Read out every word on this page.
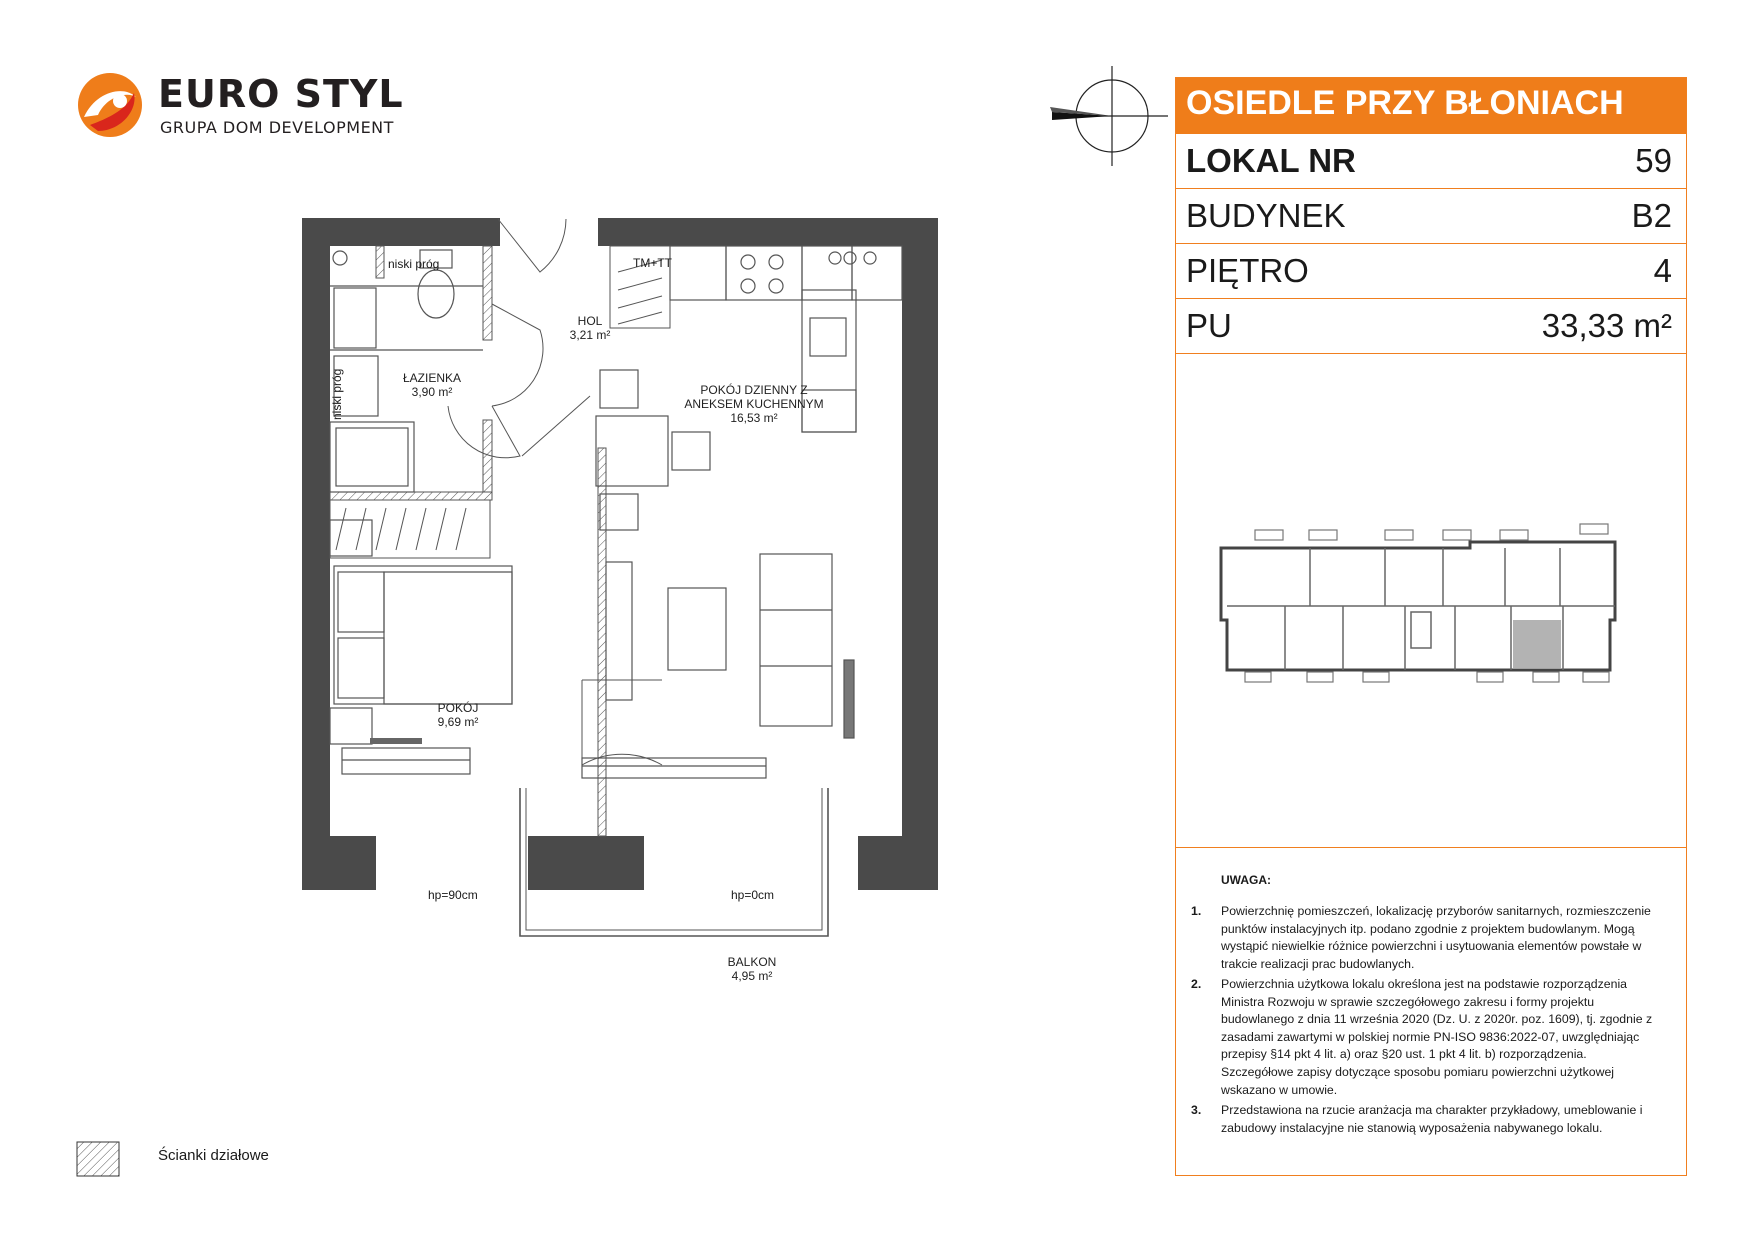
EURO STYL
GRUPA DOM DEVELOPMENT
OSIEDLE PRZY BŁONIACH
LOKAL NR	59
BUDYNEK	B2
PIĘTRO	4
PU	33,33 m²
UWAGA:
1. Powierzchnię pomieszczeń, lokalizację przyborów sanitarnych, rozmieszczenie punktów instalacyjnych itp. podano zgodnie z projektem budowlanym. Mogą wystąpić niewielkie różnice powierzchni i usytuowania elementów powstałe w trakcie realizacji prac budowlanych.
2. Powierzchnia użytkowa lokalu określona jest na podstawie rozporządzenia Ministra Rozwoju w sprawie szczegółowego zakresu i formy projektu budowlanego z dnia 11 września 2020 (Dz. U. z 2020r. poz. 1609), tj. zgodnie z zasadami zawartymi w polskiej normie PN-ISO 9836:2022-07, uwzględniając przepisy §14 pkt 4 lit. a) oraz §20 ust. 1 pkt 4 lit. b) rozporządzenia. Szczegółowe zapisy dotyczące sposobu pomiaru powierzchni użytkowej wskazano w umowie.
3. Przedstawiona na rzucie aranżacja ma charakter przykładowy, umeblowanie i zabudowy instalacyjne nie stanowią wyposażenia nabywanego lokalu.
HOL
3,21 m²
ŁAZIENKA
3,90 m²	POKÓJ DZIENNY Z ANEKSEM KUCHENNYM
16,53 m²
POKÓJ
9,69 m²
BALKON
4,95 m²
niski próg
niski próg
TM+TT
hp=90cm	hp=0cm
Ścianki działowe
